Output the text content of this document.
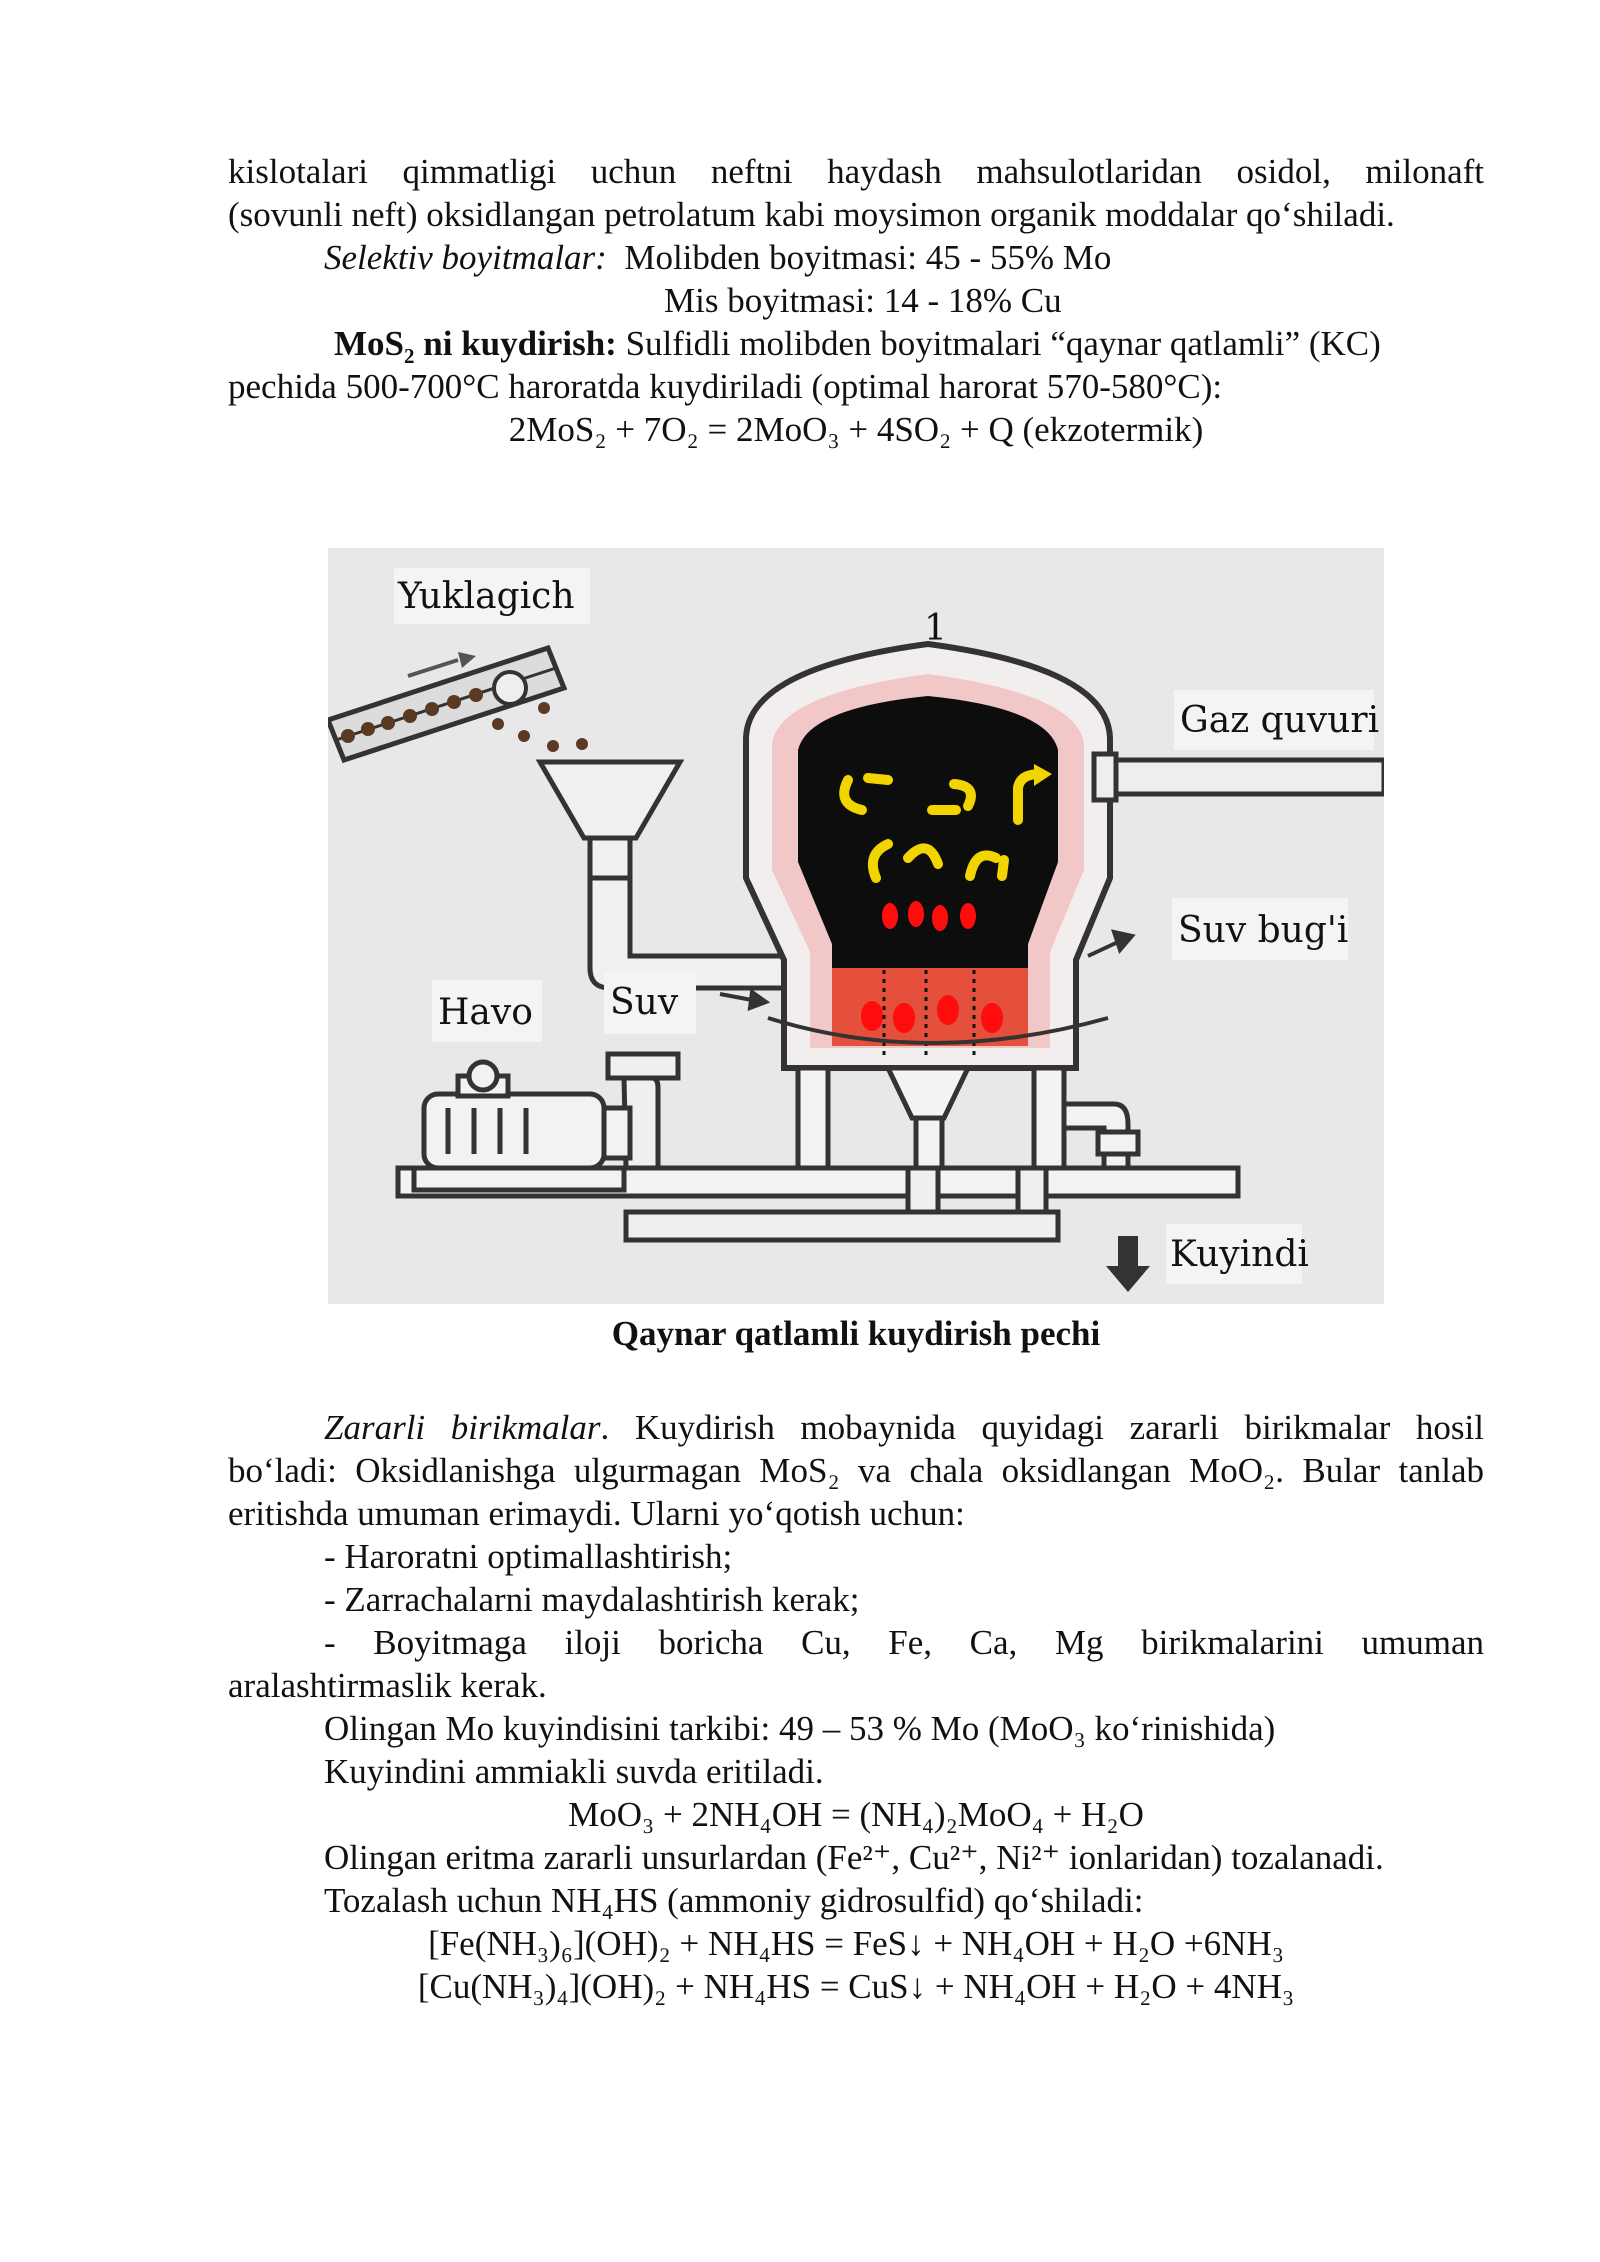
kislotalari qimmatligi uchun neftni haydash mahsulotlaridan osidol, milonaft

(sovunli neft) oksidlangan petrolatum kabi moysimon organik moddalar qo‘shiladi.

Selektiv boyitmalar: Molibden boyitmasi: 45 - 55% Mo

Mis boyitmasi: 14 - 18% Cu

MoS$_2$ ni kuydirish: Sulfidli molibden boyitmalari “qaynar qatlamli” (KC)

pechida 500-700°C haroratda kuydiriladi (optimal harorat 570-580°C):

2MoS₂ + 7O₂ = 2MoO₃ + 4SO₂ + Q (ekzotermik)

Yuklagich
1
Gaz quvuri
Suv bug'i
Havo Suv
Kuyindi

Qaynar qatlamli kuydirish pechi

Zararli birikmalar. Kuydirish mobaynida quyidagi zararli birikmalar hosil

bo‘ladi: Oksidlanishga ulgurmagan MoS₂ va chala oksidlangan MoO₂. Bular tanlab

eritishda umuman erimaydi. Ularni yo‘qotish uchun:

- Haroratni optimallashtirish;

- Zarrachalarni maydalashtirish kerak;

- Boyitmaga iloji boricha Cu, Fe, Ca, Mg birikmalarini umuman

aralashtirmaslik kerak.

Olingan Mo kuyindisini tarkibi: 49 – 53 % Mo (MoO₃ ko‘rinishida)

Kuyindini ammiakli suvda eritiladi.

MoO₃ + 2NH₄OH = (NH₄)₂MoO₄ + H₂O

Olingan eritma zararli unsurlardan (Fe²⁺, Cu²⁺, Ni²⁺ ionlaridan) tozalanadi.

Tozalash uchun NH₄HS (ammoniy gidrosulfid) qo‘shiladi:

[Fe(NH₃)₆](OH)₂ + NH₄HS = FeS↓ + NH₄OH + H₂O +6NH₃

[Cu(NH₃)₄](OH)₂ + NH₄HS = CuS↓ + NH₄OH + H₂O + 4NH₃
